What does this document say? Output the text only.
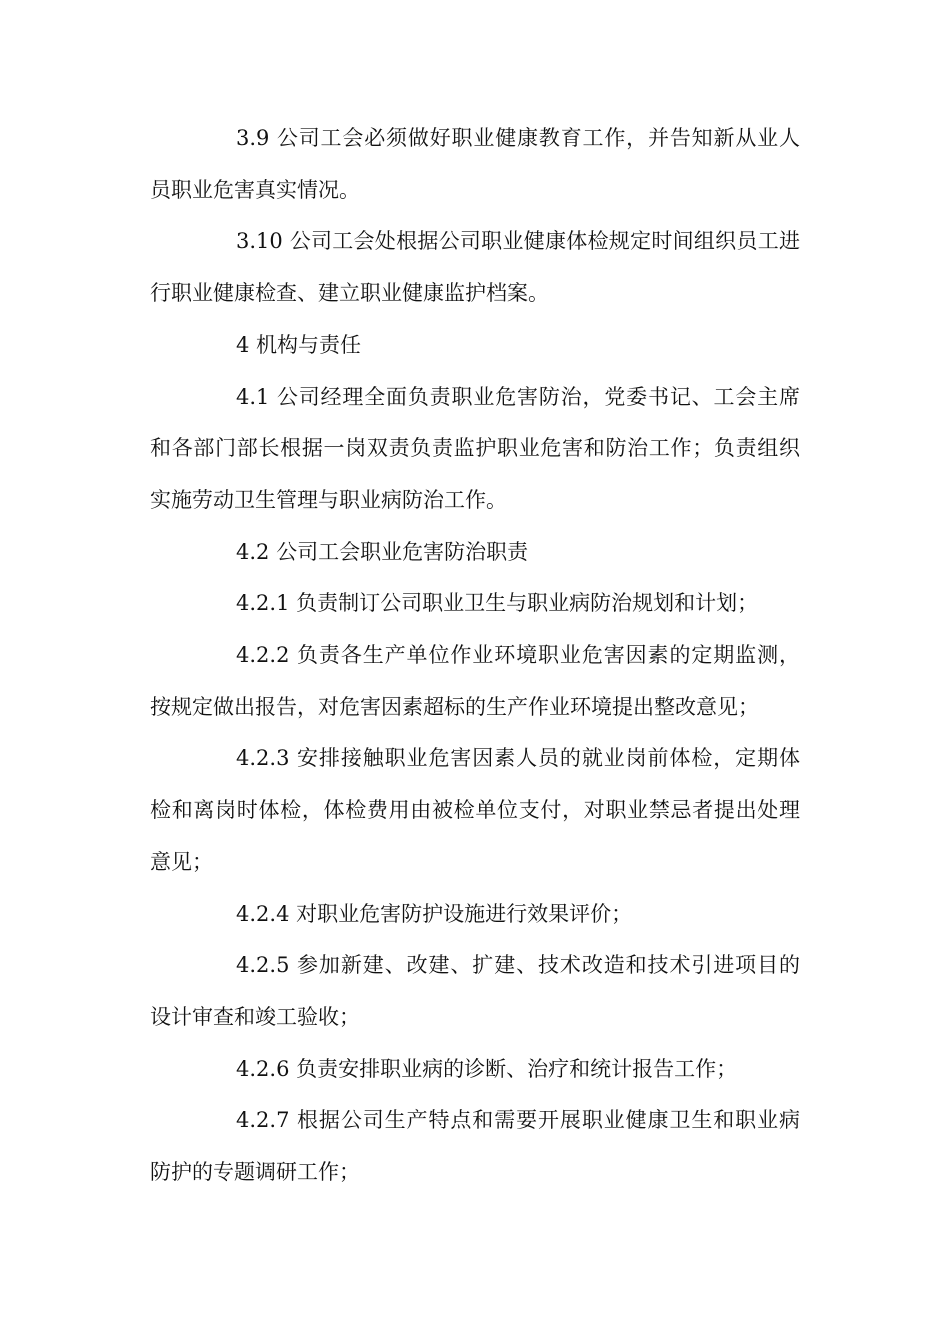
3.9 公司工会必须做好职业健康教育工作，并告知新从业人员职业危害真实情况。

3.10 公司工会处根据公司职业健康体检规定时间组织员工进行职业健康检查、建立职业健康监护档案。

4 机构与责任

4.1 公司经理全面负责职业危害防治，党委书记、工会主席和各部门部长根据一岗双责负责监护职业危害和防治工作；负责组织实施劳动卫生管理与职业病防治工作。

4.2 公司工会职业危害防治职责

4.2.1 负责制订公司职业卫生与职业病防治规划和计划；

4.2.2 负责各生产单位作业环境职业危害因素的定期监测，按规定做出报告，对危害因素超标的生产作业环境提出整改意见；

4.2.3 安排接触职业危害因素人员的就业岗前体检，定期体检和离岗时体检，体检费用由被检单位支付，对职业禁忌者提出处理意见；

4.2.4 对职业危害防护设施进行效果评价；

4.2.5 参加新建、改建、扩建、技术改造和技术引进项目的设计审查和竣工验收；

4.2.6 负责安排职业病的诊断、治疗和统计报告工作；

4.2.7 根据公司生产特点和需要开展职业健康卫生和职业病防护的专题调研工作；
